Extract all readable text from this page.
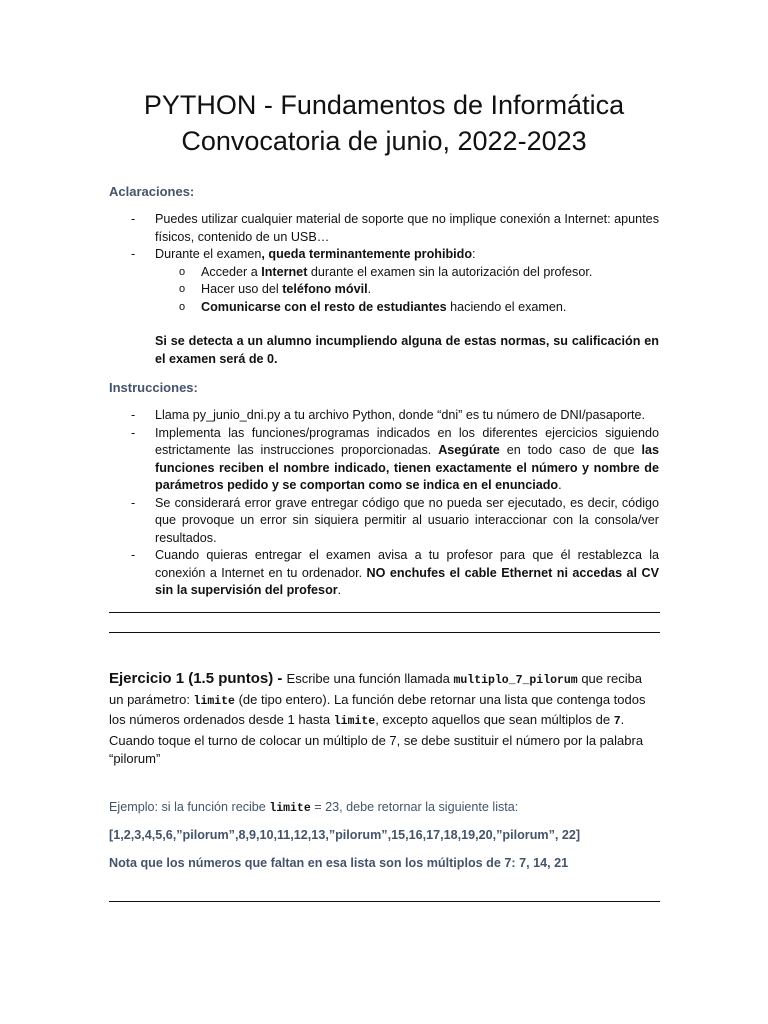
PYTHON - Fundamentos de Informática
Convocatoria de junio, 2022-2023
Aclaraciones:
- Puedes utilizar cualquier material de soporte que no implique conexión a Internet: apuntes físicos, contenido de un USB…
- Durante el examen, queda terminantemente prohibido:
o Acceder a Internet durante el examen sin la autorización del profesor.
o Hacer uso del teléfono móvil.
o Comunicarse con el resto de estudiantes haciendo el examen.
Si se detecta a un alumno incumpliendo alguna de estas normas, su calificación en el examen será de 0.
Instrucciones:
- Llama py_junio_dni.py a tu archivo Python, donde “dni” es tu número de DNI/pasaporte.
- Implementa las funciones/programas indicados en los diferentes ejercicios siguiendo estrictamente las instrucciones proporcionadas. Asegúrate en todo caso de que las funciones reciben el nombre indicado, tienen exactamente el número y nombre de parámetros pedido y se comportan como se indica en el enunciado.
- Se considerará error grave entregar código que no pueda ser ejecutado, es decir, código que provoque un error sin siquiera permitir al usuario interaccionar con la consola/ver resultados.
- Cuando quieras entregar el examen avisa a tu profesor para que él restablezca la conexión a Internet en tu ordenador. NO enchufes el cable Ethernet ni accedas al CV sin la supervisión del profesor.
Ejercicio 1 (1.5 puntos) - Escribe una función llamada multiplo_7_pilorum que reciba un parámetro: limite (de tipo entero). La función debe retornar una lista que contenga todos los números ordenados desde 1 hasta limite, excepto aquellos que sean múltiplos de 7. Cuando toque el turno de colocar un múltiplo de 7, se debe sustituir el número por la palabra “pilorum”
Ejemplo: si la función recibe limite = 23, debe retornar la siguiente lista:
[1,2,3,4,5,6,”pilorum”,8,9,10,11,12,13,”pilorum”,15,16,17,18,19,20,”pilorum”, 22]
Nota que los números que faltan en esa lista son los múltiplos de 7: 7, 14, 21
